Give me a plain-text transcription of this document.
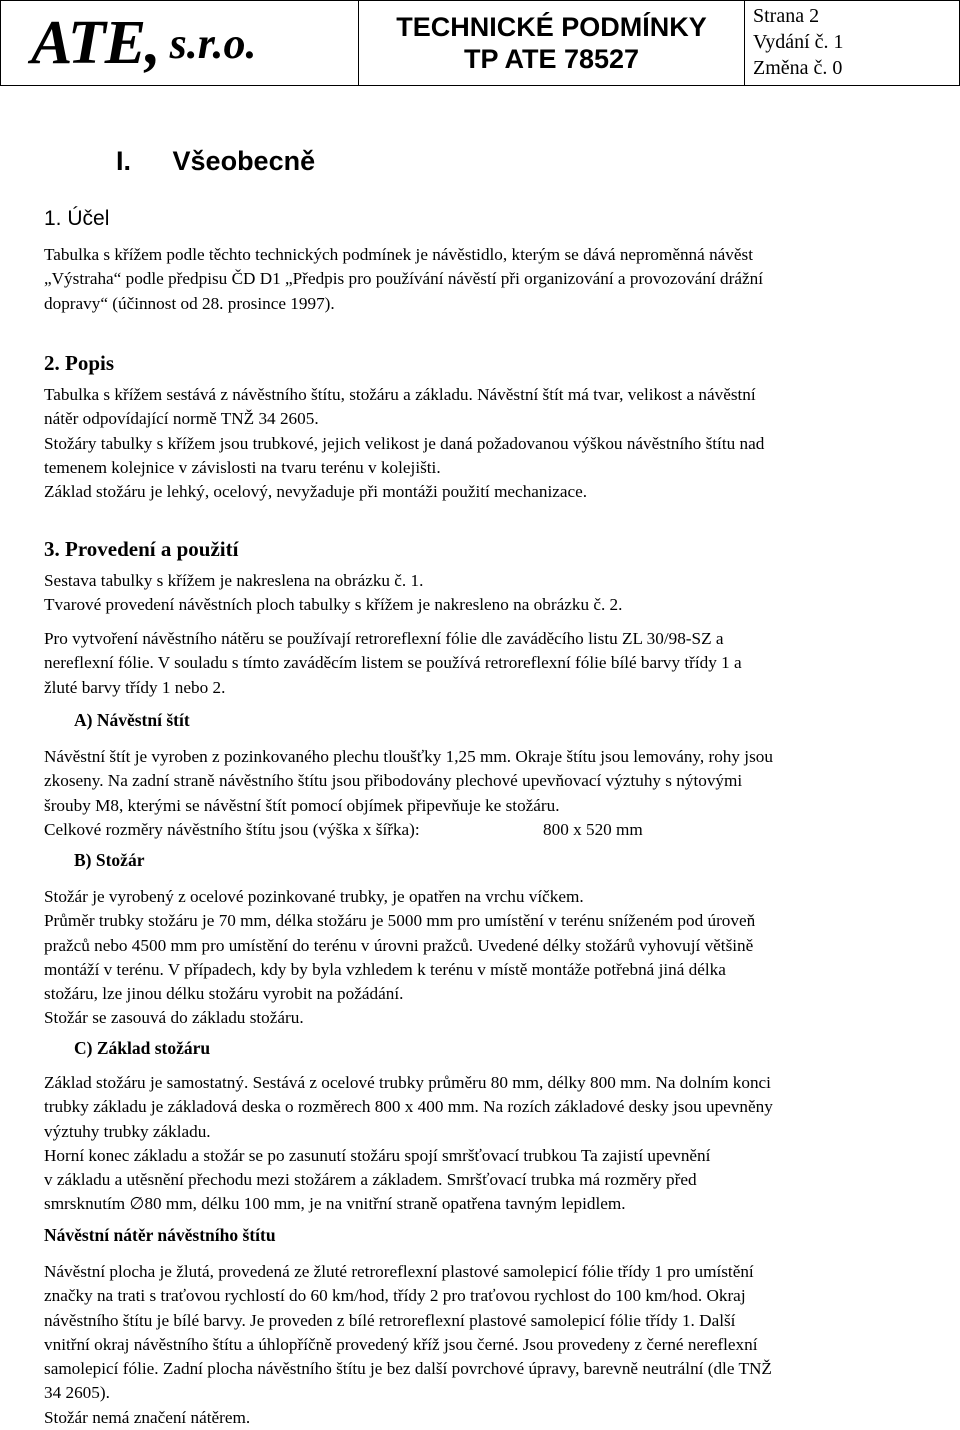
ATE, s.r.o.	TECHNICKÉ PODMÍNKY
TP ATE 78527
Strana 2
Vydání č. 1
Změna č. 0
I. Všeobecně
1. Účel
Tabulka s křížem podle těchto technických podmínek je návěstidlo, kterým se dává neproměnná návěst
„Výstraha“ podle předpisu ČD D1 „Předpis pro používání návěstí při organizování a provozování drážní
dopravy“ (účinnost od 28. prosince 1997).
2. Popis
Tabulka s křížem sestává z návěstního štítu, stožáru a základu. Návěstní štít má tvar, velikost a návěstní
nátěr odpovídající normě TNŽ 34 2605.
Stožáry tabulky s křížem jsou trubkové, jejich velikost je daná požadovanou výškou návěstního štítu nad
temenem kolejnice v závislosti na tvaru terénu v kolejišti.
Základ stožáru je lehký, ocelový, nevyžaduje při montáži použití mechanizace.
3. Provedení a použití
Sestava tabulky s křížem je nakreslena na obrázku č. 1.
Tvarové provedení návěstních ploch tabulky s křížem je nakresleno na obrázku č. 2.
Pro vytvoření návěstního nátěru se používají retroreflexní fólie dle zaváděcího listu ZL 30/98-SZ a
nereflexní fólie. V souladu s tímto zaváděcím listem se používá retroreflexní fólie bílé barvy třídy 1 a
žluté barvy třídy 1 nebo 2.
A) Návěstní štít
Návěstní štít je vyroben z pozinkovaného plechu tloušťky 1,25 mm. Okraje štítu jsou lemovány, rohy jsou
zkoseny. Na zadní straně návěstního štítu jsou přibodovány plechové upevňovací výztuhy s nýtovými
šrouby M8, kterými se návěstní štít pomocí objímek připevňuje ke stožáru.
Celkové rozměry návěstního štítu jsou (výška x šířka):	800 x 520 mm
B) Stožár
Stožár je vyrobený z ocelové pozinkované trubky, je opatřen na vrchu víčkem.
Průměr trubky stožáru je 70 mm, délka stožáru je 5000 mm pro umístění v terénu sníženém pod úroveň
pražců nebo 4500 mm pro umístění do terénu v úrovni pražců. Uvedené délky stožárů vyhovují většině
montáží v terénu. V případech, kdy by byla vzhledem k terénu v místě montáže potřebná jiná délka
stožáru, lze jinou délku stožáru vyrobit na požádání.
Stožár se zasouvá do základu stožáru.
C) Základ stožáru
Základ stožáru je samostatný. Sestává z ocelové trubky průměru 80 mm, délky 800 mm. Na dolním konci
trubky základu je základová deska o rozměrech 800 x 400 mm. Na rozích základové desky jsou upevněny
výztuhy trubky základu.
Horní konec základu a stožár se po zasunutí stožáru spojí smršťovací trubkou Ta zajistí upevnění
v základu a utěsnění přechodu mezi stožárem a základem. Smršťovací trubka má rozměry před
smrsknutím ∅80 mm, délku 100 mm, je na vnitřní straně opatřena tavným lepidlem.
Návěstní nátěr návěstního štítu
Návěstní plocha je žlutá, provedená ze žluté retroreflexní plastové samolepicí fólie třídy 1 pro umístění
značky na trati s traťovou rychlostí do 60 km/hod, třídy 2 pro traťovou rychlost do 100 km/hod. Okraj
návěstního štítu je bílé barvy. Je proveden z bílé retroreflexní plastové samolepicí fólie třídy 1. Další
vnitřní okraj návěstního štítu a úhlopříčně provedený kříž jsou černé. Jsou provedeny z černé nereflexní
samolepicí fólie. Zadní plocha návěstního štítu je bez další povrchové úpravy, barevně neutrální (dle TNŽ
34 2605).
Stožár nemá značení nátěrem.
